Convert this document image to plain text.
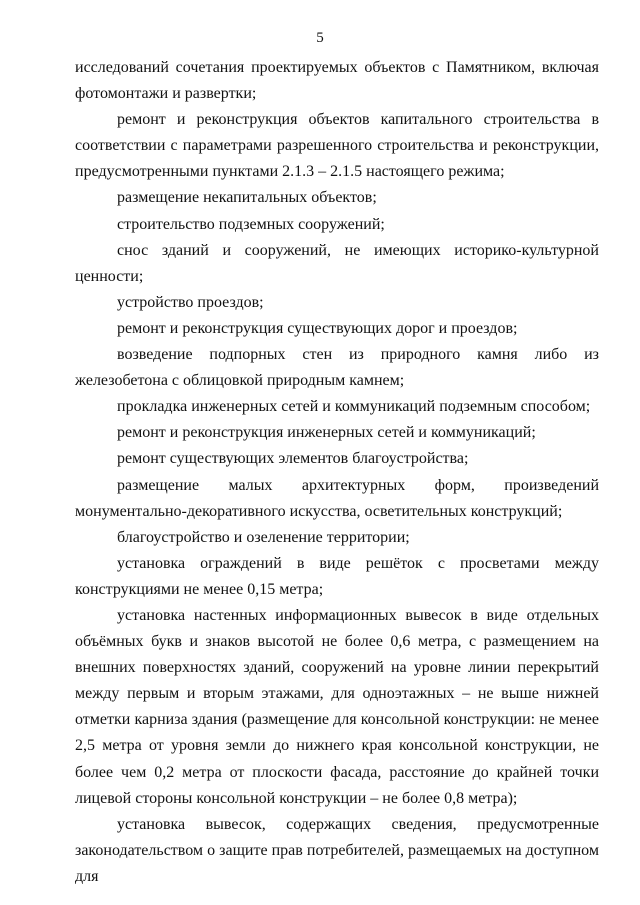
5

исследований сочетания проектируемых объектов с Памятником, включая фотомонтажи и развертки;

ремонт и реконструкция объектов капитального строительства в соответствии с параметрами разрешенного строительства и реконструкции, предусмотренными пунктами 2.1.3 – 2.1.5 настоящего режима;

размещение некапитальных объектов;

строительство подземных сооружений;

снос зданий и сооружений, не имеющих историко-культурной ценности;

устройство проездов;

ремонт и реконструкция существующих дорог и проездов;

возведение подпорных стен из природного камня либо из железобетона с облицовкой природным камнем;

прокладка инженерных сетей и коммуникаций подземным способом;

ремонт и реконструкция инженерных сетей и коммуникаций;

ремонт существующих элементов благоустройства;

размещение малых архитектурных форм, произведений монументально-декоративного искусства, осветительных конструкций;

благоустройство и озеленение территории;

установка ограждений в виде решёток с просветами между конструкциями не менее 0,15 метра;

установка настенных информационных вывесок в виде отдельных объёмных букв и знаков высотой не более 0,6 метра, с размещением на внешних поверхностях зданий, сооружений на уровне линии перекрытий между первым и вторым этажами, для одноэтажных – не выше нижней отметки карниза здания (размещение для консольной конструкции: не менее 2,5 метра от уровня земли до нижнего края консольной конструкции, не более чем 0,2 метра от плоскости фасада, расстояние до крайней точки лицевой стороны консольной конструкции – не более 0,8 метра);

установка вывесок, содержащих сведения, предусмотренные законодательством о защите прав потребителей, размещаемых на доступном для
